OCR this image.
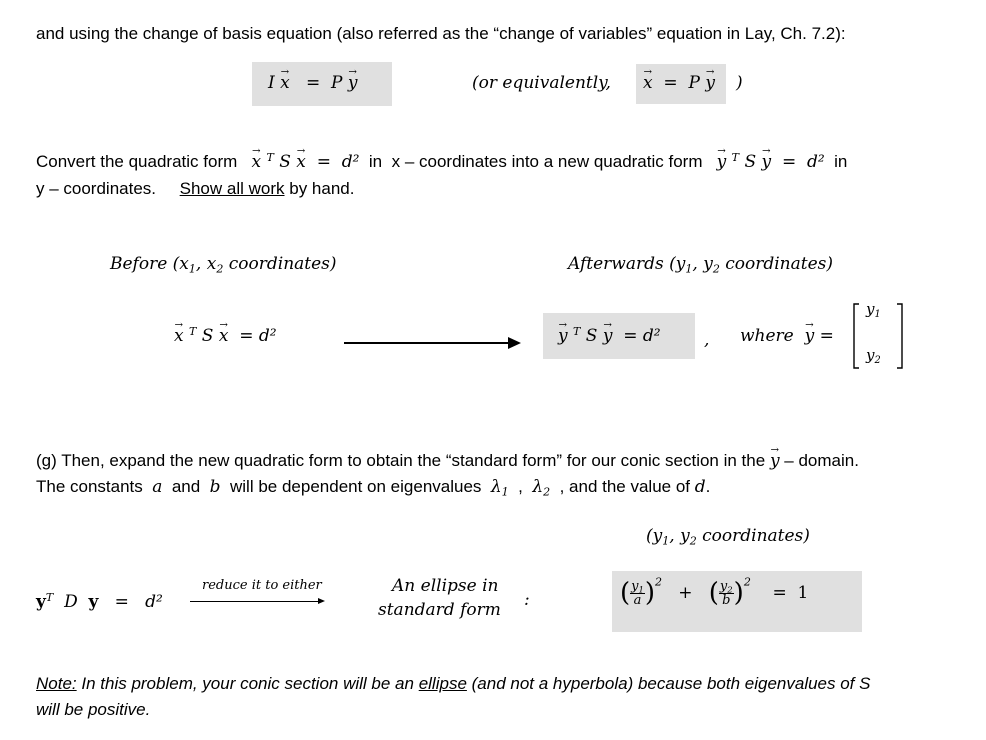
and using the change of basis equation (also referred as the “change of variables” equation in Lay, Ch. 7.2):
I → x = P → y	(or equivalently, → x = P → y )
Convert the quadratic form → x $^T$ S → x = d² in x – coordinates into a new quadratic form → y $^T$ S → y = d² in
y – coordinates. Show all work by hand.
Before ($x_1$, $x_2$ coordinates)	Afterwards ($y_1$, $y_2$ coordinates)
→ x $^T$ S → x = d²	→ y $^T$ S → y = d²	, where → y =
$y_1$
$y_2$
(g) Then, expand the new quadratic form to obtain the “standard form” for our conic section in the → y – domain.
The constants a and b will be dependent on eigenvalues $\lambda_1$ , $\lambda_2$ , and the value of d.
($y_1$, $y_2$ coordinates)
$y^T$ D y = d²
reduce it to either	An ellipse in
standard form :	( $\frac{y_1}{a} )^2$   + ( $\frac{y_2}{b} )^2$    = 1
Note: In this problem, your conic section will be an ellipse (and not a hyperbola) because both eigenvalues of S
will be positive.
